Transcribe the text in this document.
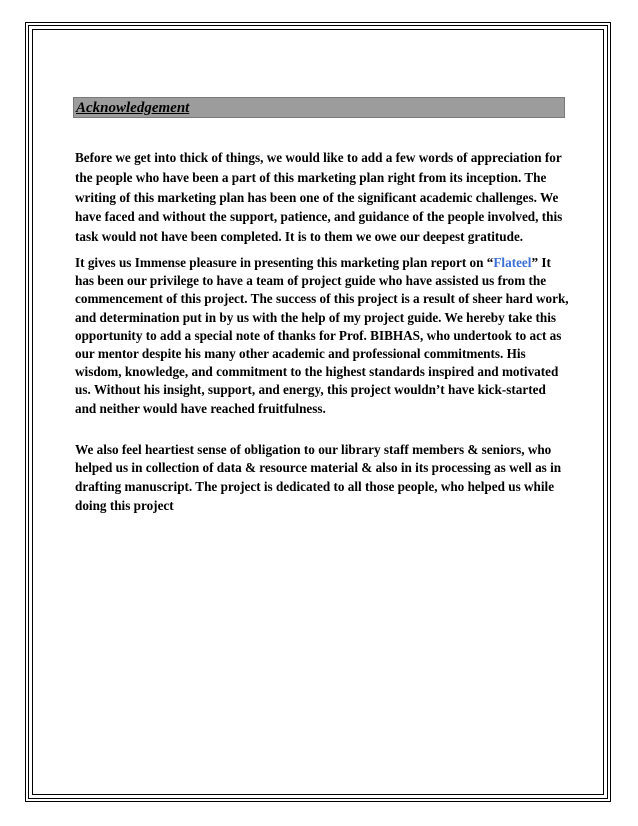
Acknowledgement

Before we get into thick of things, we would like to add a few words of appreciation for the people who have been a part of this marketing plan right from its inception. The writing of this marketing plan has been one of the significant academic challenges. We have faced and without the support, patience, and guidance of the people involved, this task would not have been completed. It is to them we owe our deepest gratitude.

It gives us Immense pleasure in presenting this marketing plan report on “Flateel” It has been our privilege to have a team of project guide who have assisted us from the commencement of this project. The success of this project is a result of sheer hard work, and determination put in by us with the help of my project guide. We hereby take this opportunity to add a special note of thanks for Prof. BIBHAS, who undertook to act as our mentor despite his many other academic and professional commitments. His wisdom, knowledge, and commitment to the highest standards inspired and motivated us. Without his insight, support, and energy, this project wouldn’t have kick-started and neither would have reached fruitfulness.

We also feel heartiest sense of obligation to our library staff members & seniors, who helped us in collection of data & resource material & also in its processing as well as in drafting manuscript. The project is dedicated to all those people, who helped us while doing this project
